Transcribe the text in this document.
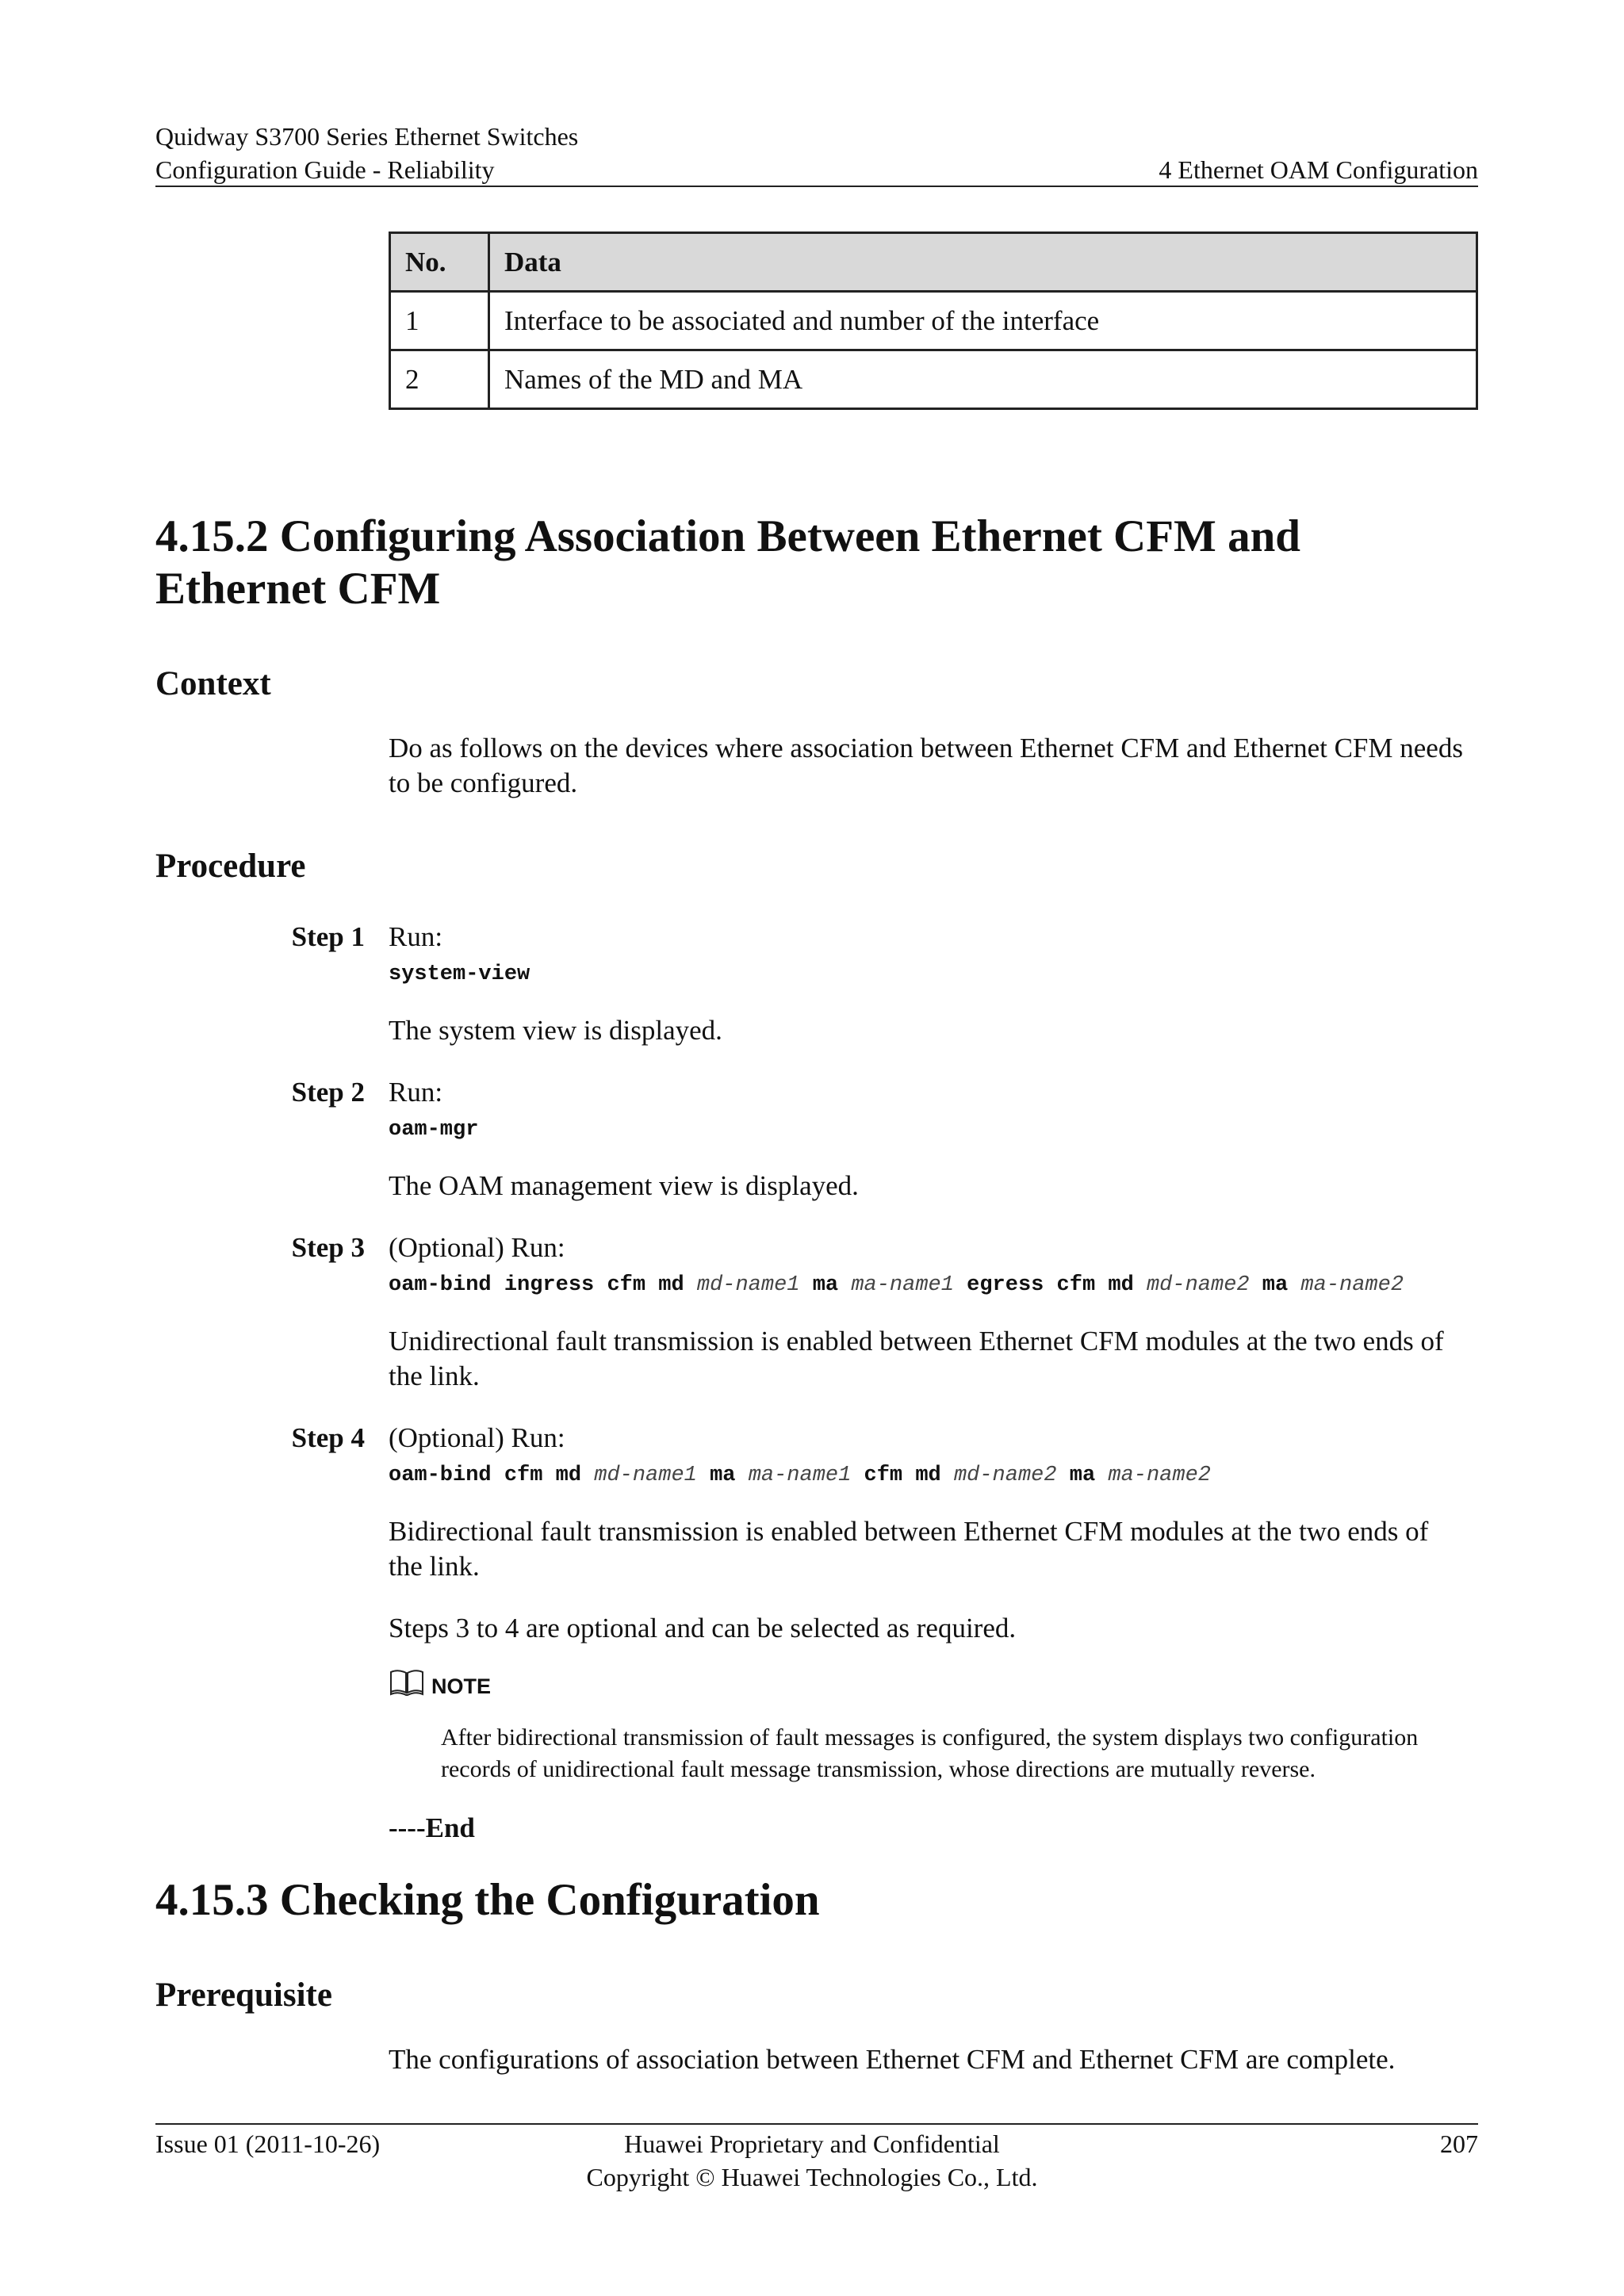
Quidway S3700 Series Ethernet Switches
Configuration Guide - Reliability	4 Ethernet OAM Configuration
No.	Data
1	Interface to be associated and number of the interface
2	Names of the MD and MA
4.15.2 Configuring Association Between Ethernet CFM and
Ethernet CFM
Context
Do as follows on the devices where association between Ethernet CFM and Ethernet CFM needs
to be configured.
Procedure
Step 1 Run:
system-view
The system view is displayed.
Step 2 Run:
oam-mgr
The OAM management view is displayed.
Step 3 (Optional) Run:
oam-bind ingress cfm md md-name1 ma ma-name1 egress cfm md md-name2 ma ma-name2
Unidirectional fault transmission is enabled between Ethernet CFM modules at the two ends of
the link.
Step 4 (Optional) Run:
oam-bind cfm md md-name1 ma ma-name1 cfm md md-name2 ma ma-name2
Bidirectional fault transmission is enabled between Ethernet CFM modules at the two ends of
the link.
Steps 3 to 4 are optional and can be selected as required.
NOTE
After bidirectional transmission of fault messages is configured, the system displays two configuration
records of unidirectional fault message transmission, whose directions are mutually reverse.
----End
4.15.3 Checking the Configuration
Prerequisite
The configurations of association between Ethernet CFM and Ethernet CFM are complete.
Issue 01 (2011-10-26)	Huawei Proprietary and Confidential
Copyright © Huawei Technologies Co., Ltd.
207
